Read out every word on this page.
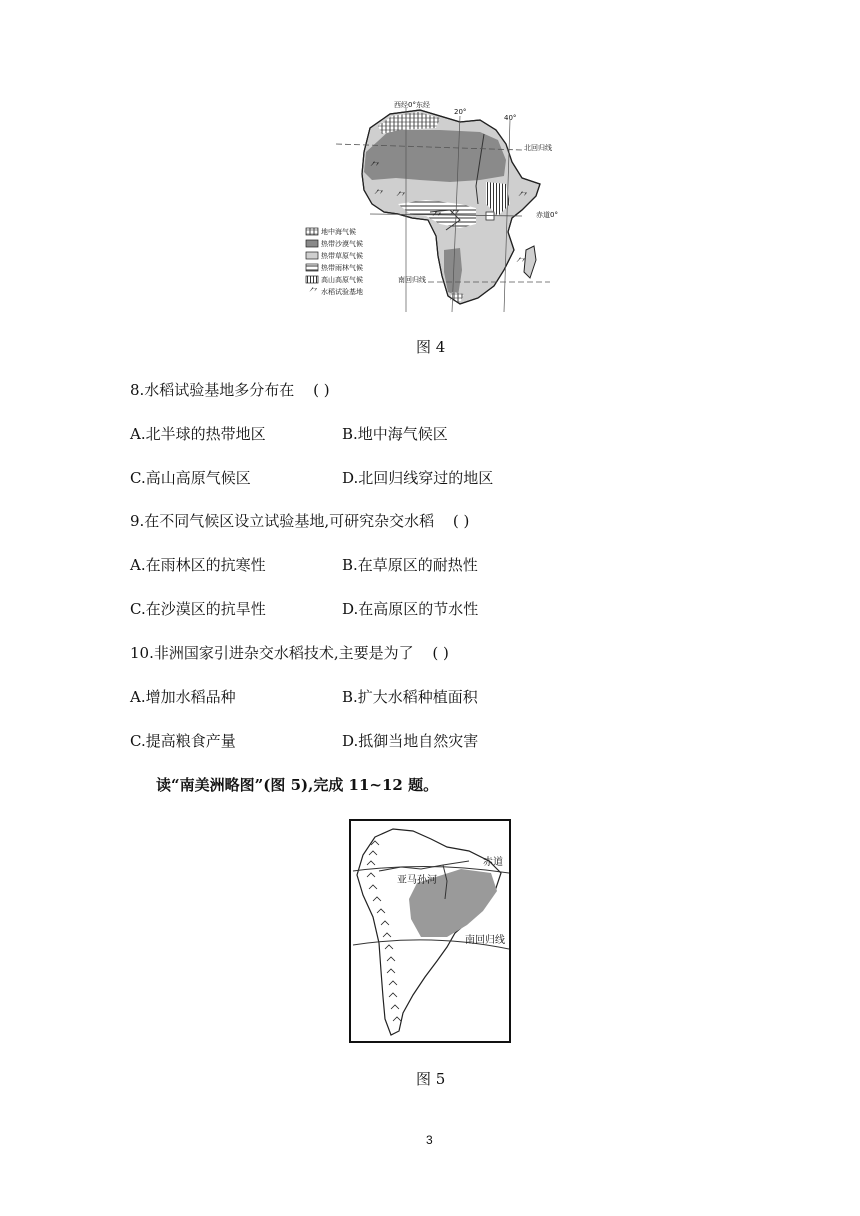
⺈
⺈ ⺈
⺈ ⺈
⺈
⺈
西经0°东经
20°
40°
北回归线
赤道0°
南回归线
地中海气候
热带沙漠气候
热带草原气候
热带雨林气候
高山高原气候
⺈ 水稻试验基地
图 4
8.水稻试验基地多分布在 ( )
A.北半球的热带地区	B.地中海气候区
C.高山高原气候区	D.北回归线穿过的地区
9.在不同气候区设立试验基地,可研究杂交水稻 ( )
A.在雨林区的抗寒性	B.在草原区的耐热性
C.在沙漠区的抗旱性	D.在高原区的节水性
10.非洲国家引进杂交水稻技术,主要是为了 ( )
A.增加水稻品种	B.扩大水稻种植面积
C.提高粮食产量	D.抵御当地自然灾害
读“南美洲略图”(图 5),完成 11~12 题。
赤道
亚马孙河
南回归线
图 5
3
